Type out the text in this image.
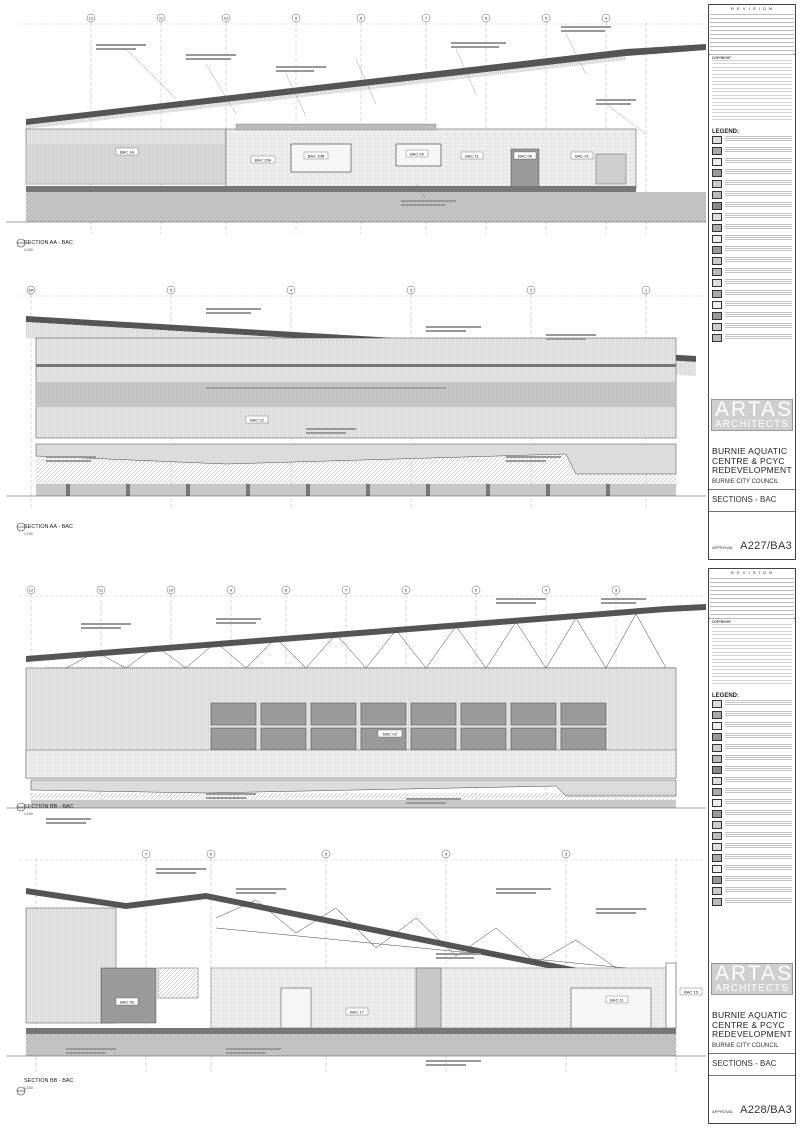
BAC 1A
BAC 15A
BAC 10B	BAC 09	BAC 11	BAC 08	BAC 01
BAC 02
12	11	10	9	8	7	6	5	4
6A	5	4	3	2	1
SECTION AA - BAC
1:100
SECTION AA - BAC
1:100
R E V I S I O N
COPYRIGHT
LEGEND:
ARTAS
ARCHITECTS
BURNIE AQUATIC
CENTRE & PCYC
REDEVELOPMENT
BURNIE CITY COUNCIL
SECTIONS - BAC
APPROVAL A227/BA3
BAC 02
BAC 06
BAC 17
BAC 11
BAC 15
12	11	10	9	8	7	6	5	4	3
7	6	5	4	3
SECTION BB - BAC
1:100
SECTION BB - BAC
1:100
R E V I S I O N
COPYRIGHT
LEGEND:
ARTAS
ARCHITECTS
BURNIE AQUATIC
CENTRE & PCYC
REDEVELOPMENT
BURNIE CITY COUNCIL
SECTIONS - BAC
APPROVAL A228/BA3
